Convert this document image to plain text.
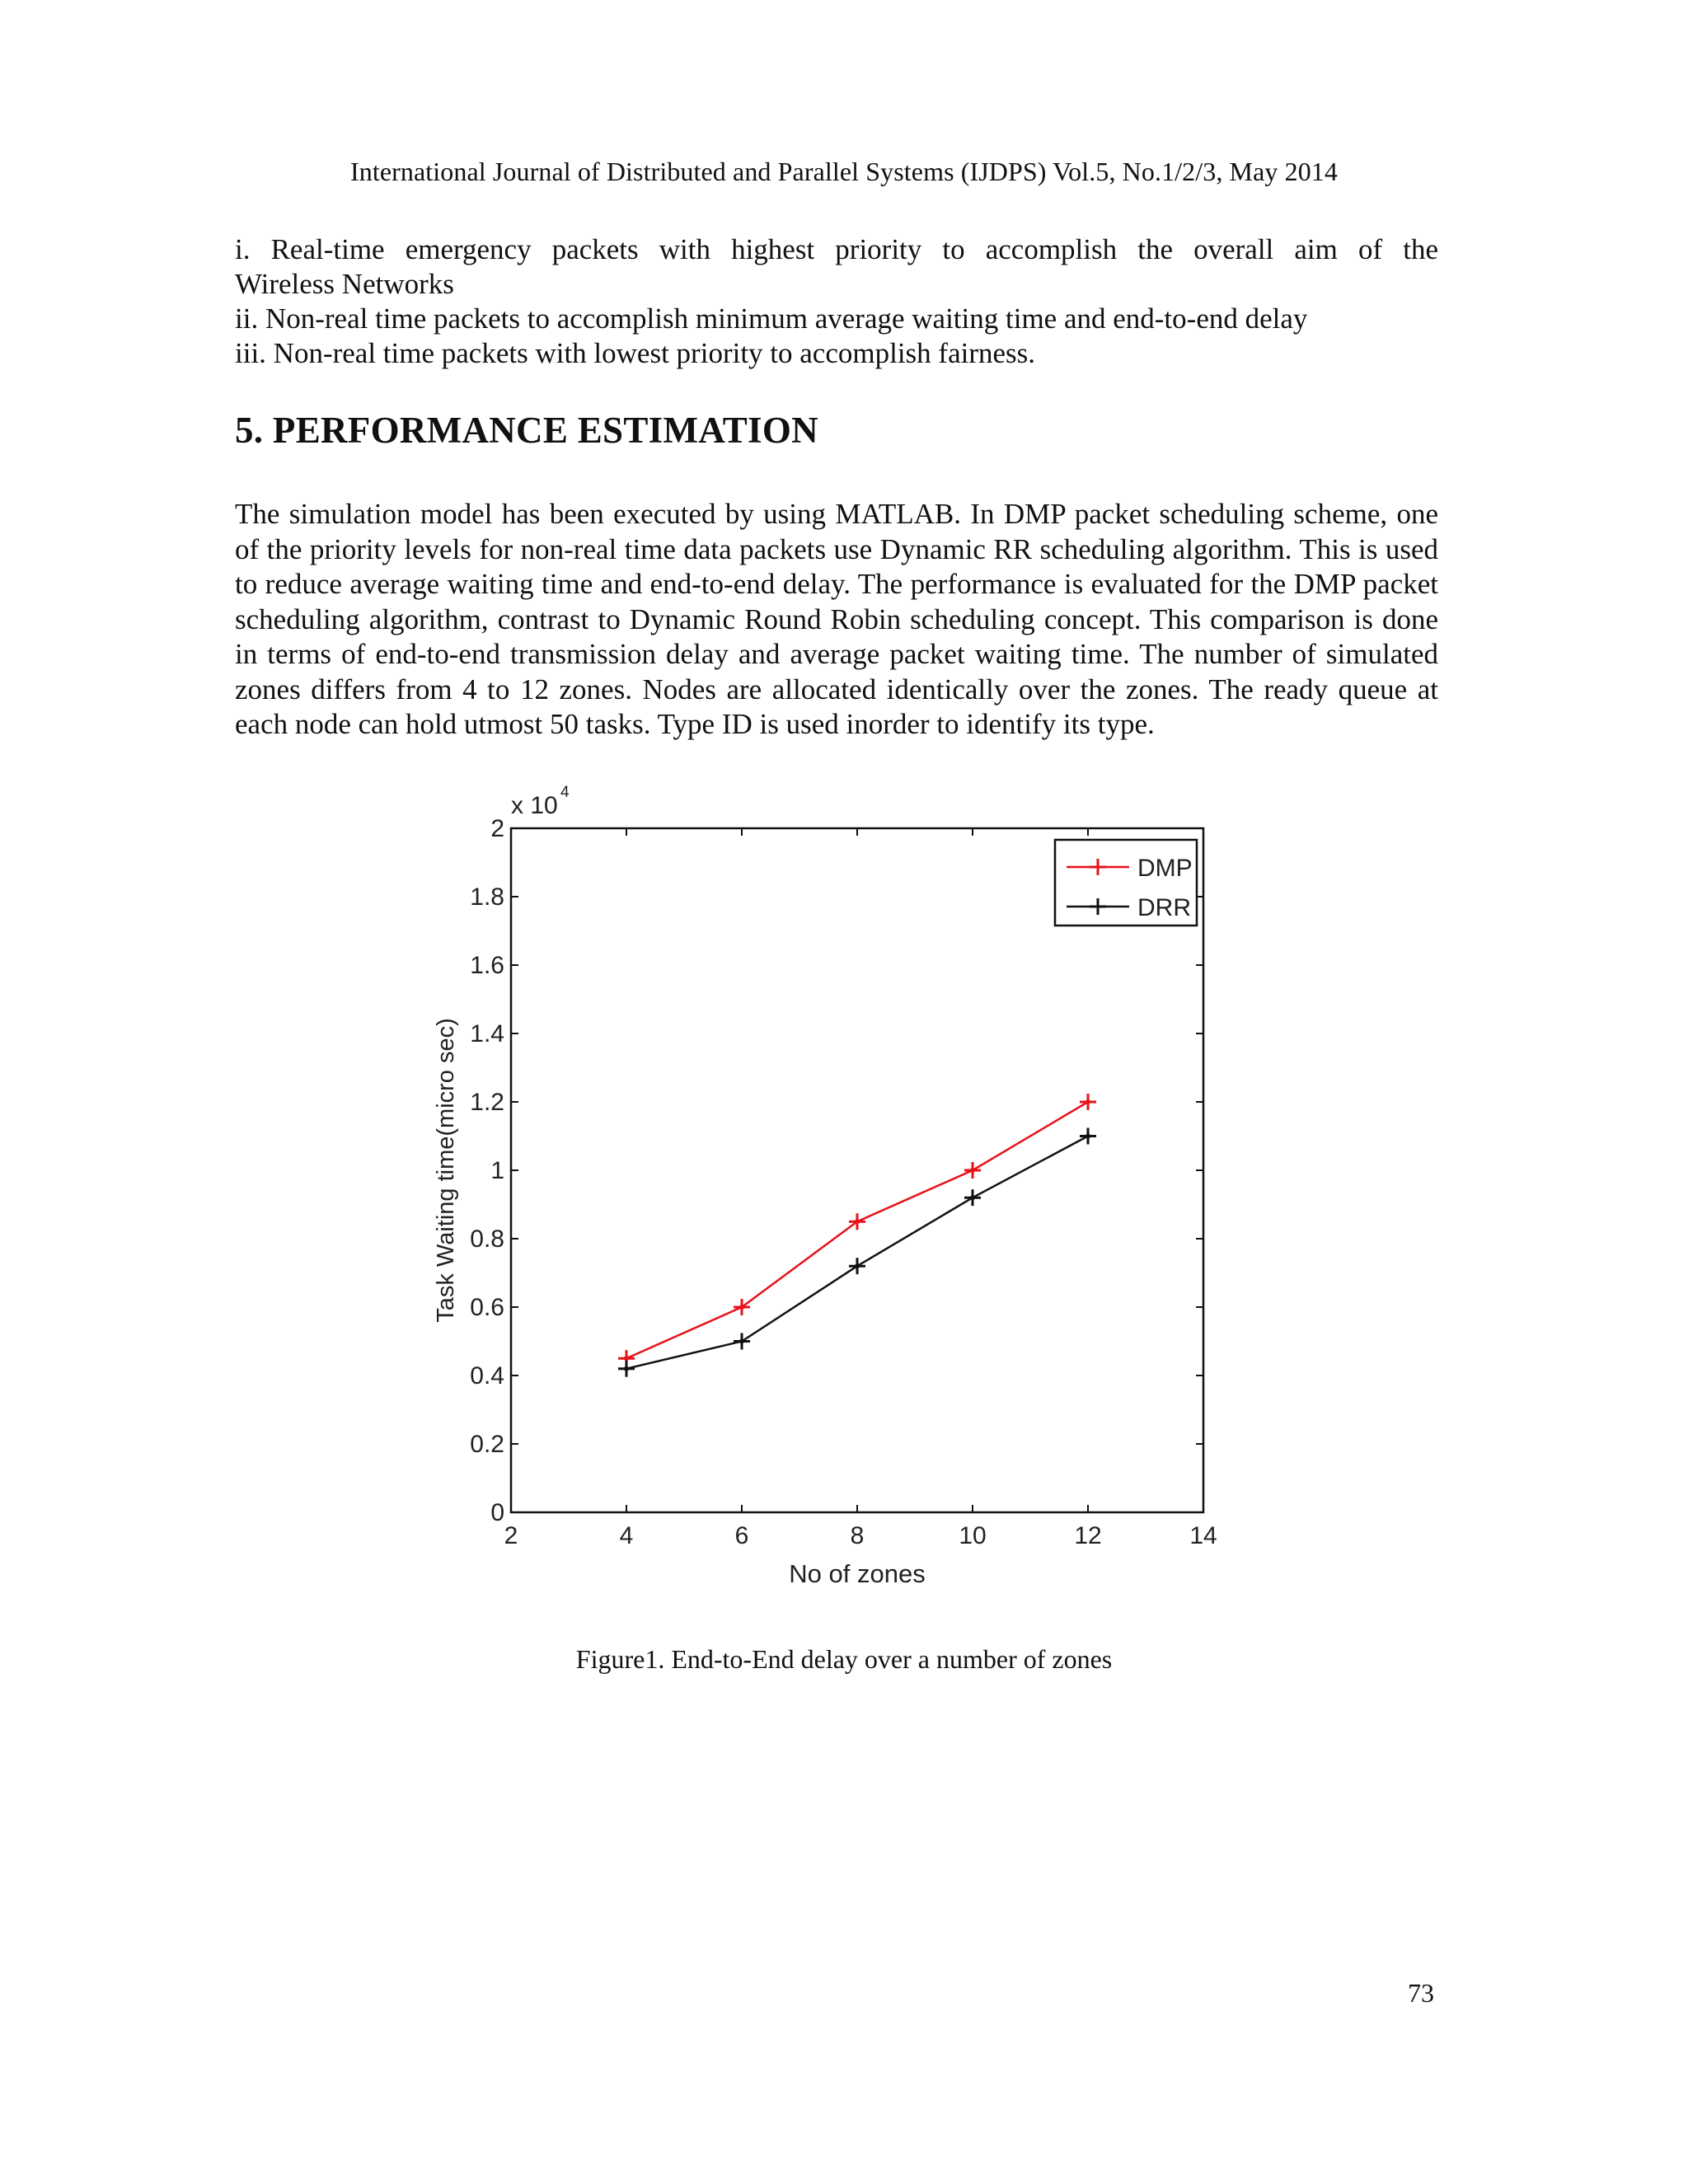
International Journal of Distributed and Parallel Systems (IJDPS) Vol.5, No.1/2/3, May 2014

i. Real-time emergency packets with highest priority to accomplish the overall aim of the

Wireless Networks

ii. Non-real time packets to accomplish minimum average waiting time and end-to-end delay

iii. Non-real time packets with lowest priority to accomplish fairness.

5. PERFORMANCE ESTIMATION

The simulation model has been executed by using MATLAB. In DMP packet scheduling scheme, one of the priority levels for non-real time data packets use Dynamic RR scheduling algorithm. This is used to reduce average waiting time and end-to-end delay. The performance is evaluated for the DMP packet scheduling algorithm, contrast to Dynamic Round Robin scheduling concept. This comparison is done in terms of end-to-end transmission delay and average packet waiting time. The number of simulated zones differs from 4 to 12 zones. Nodes are allocated identically over the zones. The ready queue at each node can hold utmost 50 tasks. Type ID is used inorder to identify its type.

2	4	6	8	10	12	14
0
0.2
0.4
0.6
0.8
1
1.2
1.4
1.6
1.8
2
x 10 4
No of zones
Task Waiting time(micro sec)
DMP
DRR
Figure1. End-to-End delay over a number of zones
73
